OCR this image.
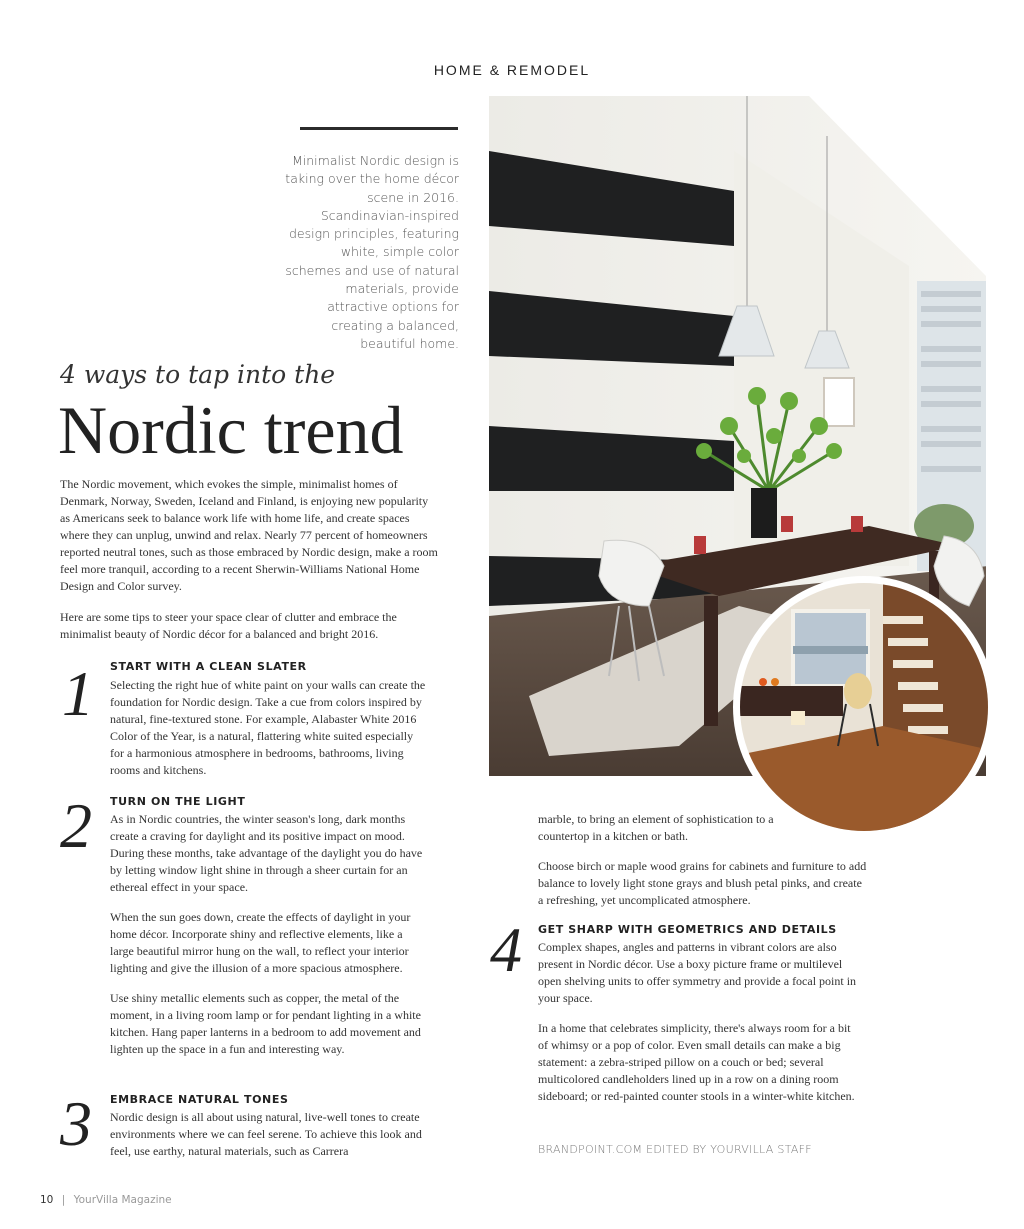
HOME & REMODEL

Minimalist Nordic design is taking over the home décor scene in 2016. Scandinavian-inspired design principles, featuring white, simple color schemes and use of natural materials, provide attractive options for creating a balanced, beautiful home.

4 ways to tap into the
Nordic trend

The Nordic movement, which evokes the simple, minimalist homes of Denmark, Norway, Sweden, Iceland and Finland, is enjoying new popularity as Americans seek to balance work life with home life, and create spaces where they can unplug, unwind and relax. Nearly 77 percent of homeowners reported neutral tones, such as those embraced by Nordic design, make a room feel more tranquil, according to a recent Sherwin-Williams National Home Design and Color survey.

Here are some tips to steer your space clear of clutter and embrace the minimalist beauty of Nordic décor for a balanced and bright 2016.

1 START WITH A CLEAN SLATER

Selecting the right hue of white paint on your walls can create the foundation for Nordic design. Take a cue from colors inspired by natural, fine-textured stone. For example, Alabaster White 2016 Color of the Year, is a natural, flattering white suited especially for a harmonious atmosphere in bedrooms, bathrooms, living rooms and kitchens.

2 TURN ON THE LIGHT

As in Nordic countries, the winter season's long, dark months create a craving for daylight and its positive impact on mood. During these months, take advantage of the daylight you do have by letting window light shine in through a sheer curtain for an ethereal effect in your space.

When the sun goes down, create the effects of daylight in your home décor. Incorporate shiny and reflective elements, like a large beautiful mirror hung on the wall, to reflect your interior lighting and give the illusion of a more spacious atmosphere.

Use shiny metallic elements such as copper, the metal of the moment, in a living room lamp or for pendant lighting in a white kitchen. Hang paper lanterns in a bedroom to add movement and lighten up the space in a fun and interesting way.

3 EMBRACE NATURAL TONES

Nordic design is all about using natural, live-well tones to create environments where we can feel serene. To achieve this look and feel, use earthy, natural materials, such as Carrera

marble, to bring an element of sophistication to a countertop in a kitchen or bath.

Choose birch or maple wood grains for cabinets and furniture to add balance to lovely light stone grays and blush petal pinks, and create a refreshing, yet uncomplicated atmosphere.

4 GET SHARP WITH GEOMETRICS AND DETAILS

Complex shapes, angles and patterns in vibrant colors are also present in Nordic décor. Use a boxy picture frame or multilevel open shelving units to offer symmetry and provide a focal point in your space.

In a home that celebrates simplicity, there's always room for a bit of whimsy or a pop of color. Even small details can make a big statement: a zebra-striped pillow on a couch or bed; several multicolored candleholders lined up in a row on a dining room sideboard; or red-painted counter stools in a winter-white kitchen.

BRANDPOINT.COM EDITED BY YOURVILLA STAFF
10 | YourVilla Magazine
